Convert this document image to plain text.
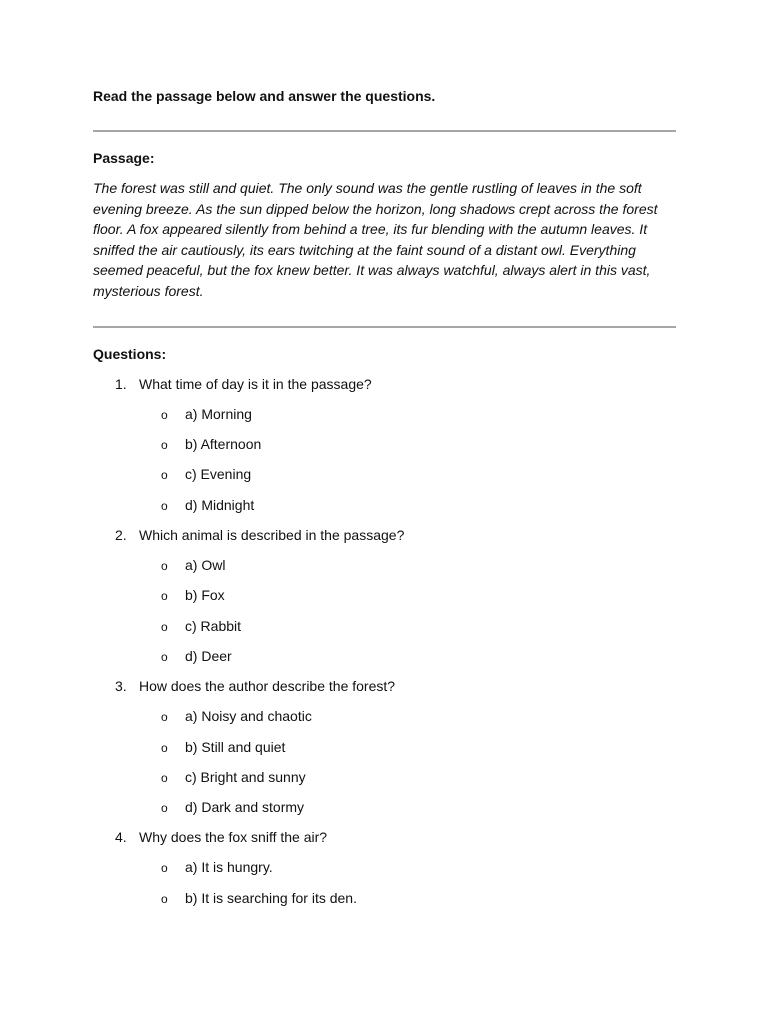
Read the passage below and answer the questions.

Passage:

The forest was still and quiet. The only sound was the gentle rustling of leaves in the soft evening breeze. As the sun dipped below the horizon, long shadows crept across the forest floor. A fox appeared silently from behind a tree, its fur blending with the autumn leaves. It sniffed the air cautiously, its ears twitching at the faint sound of a distant owl. Everything seemed peaceful, but the fox knew better. It was always watchful, always alert in this vast, mysterious forest.

Questions:

1. What time of day is it in the passage?
o a) Morning
o b) Afternoon
o c) Evening
o d) Midnight
2. Which animal is described in the passage?
o a) Owl
o b) Fox
o c) Rabbit
o d) Deer
3. How does the author describe the forest?
o a) Noisy and chaotic
o b) Still and quiet
o c) Bright and sunny
o d) Dark and stormy
4. Why does the fox sniff the air?
o a) It is hungry.
o b) It is searching for its den.
